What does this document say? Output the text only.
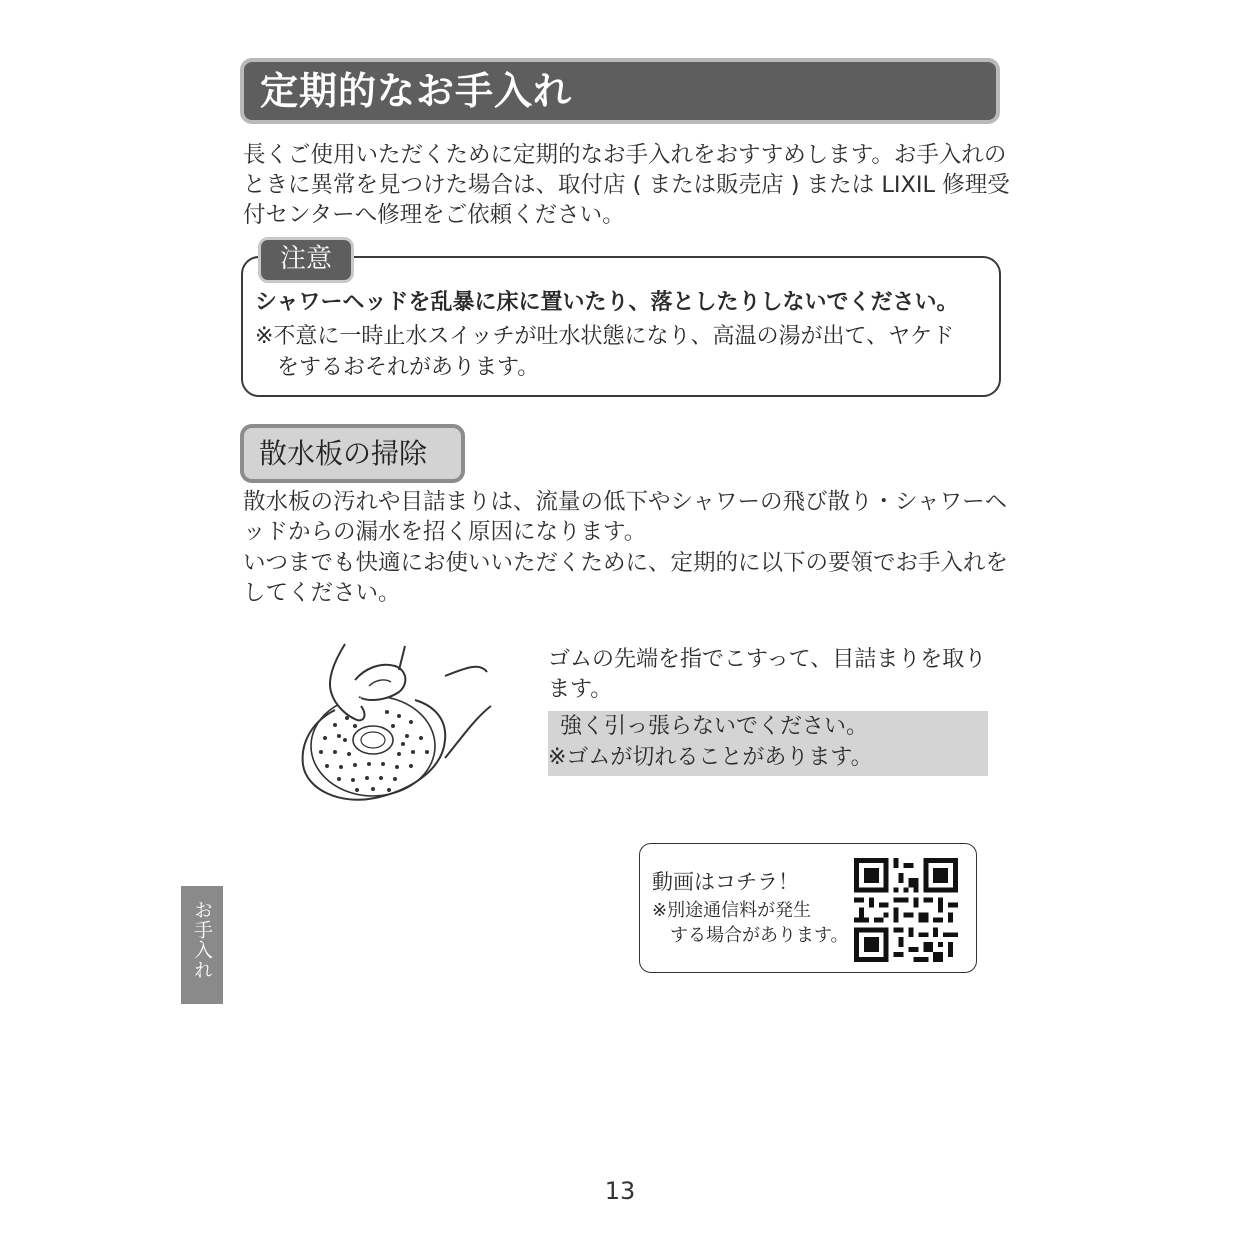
定期的なお手入れ

長くご使用いただくために定期的なお手入れをおすすめします。お手入れのときに異常を見つけた場合は、取付店 ( または販売店 ) または LIXIL 修理受付センターへ修理をご依頼ください。

注意
シャワーヘッドを乱暴に床に置いたり、落としたりしないでください。
※不意に一時止水スイッチが吐水状態になり、高温の湯が出て、ヤケド
をするおそれがあります。
散水板の掃除

散水板の汚れや目詰まりは、流量の低下やシャワーの飛び散り・シャワーヘッドからの漏水を招く原因になります。

いつまでも快適にお使いいただくために、定期的に以下の要領でお手入れをしてください。

ゴムの先端を指でこすって、目詰まりを取ります。

強く引っ張らないでください。
※ゴムが切れることがあります。
動画はコチラ！
※別途通信料が発生
する場合があります。
お手入れ
13
